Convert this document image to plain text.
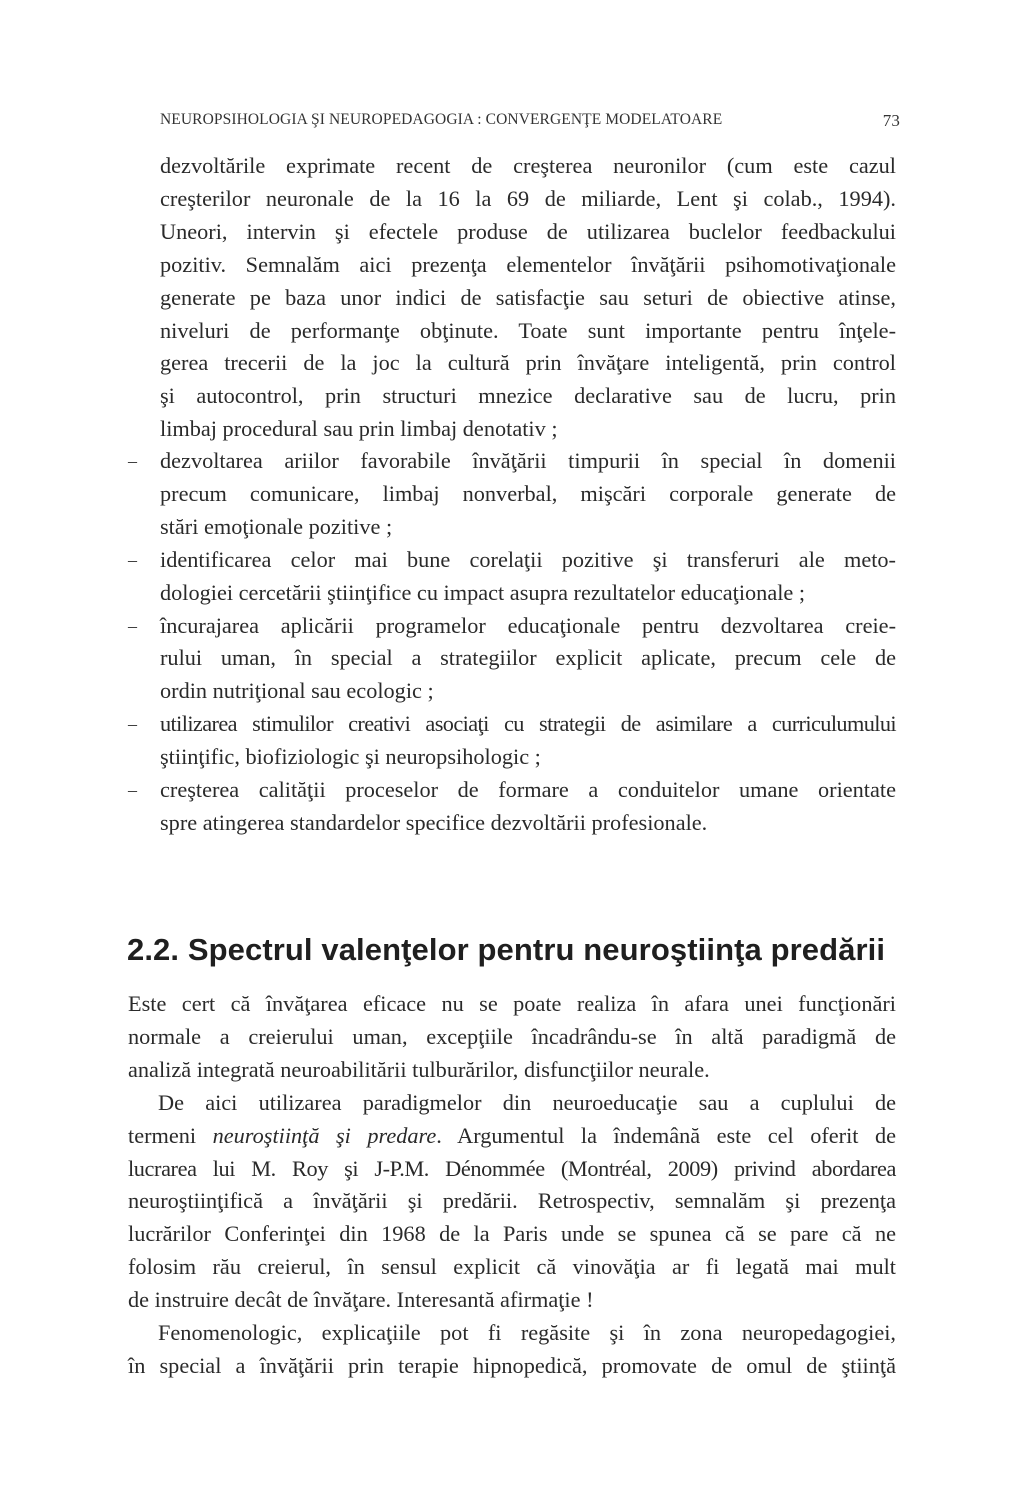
NEUROPSIHOLOGIA ŞI NEUROPEDAGOGIA : CONVERGENŢE MODELATOARE	73
dezvoltările exprimate recent de creşterea neuronilor (cum este cazul
creşterilor neuronale de la 16 la 69 de miliarde, Lent şi colab., 1994).
Uneori, intervin şi efectele produse de utilizarea buclelor feedbackului
pozitiv. Semnalăm aici prezenţa elementelor învăţării psihomotivaţionale
generate pe baza unor indici de satisfacţie sau seturi de obiective atinse,
niveluri de performanţe obţinute. Toate sunt importante pentru înţele-
gerea trecerii de la joc la cultură prin învăţare inteligentă, prin control
şi autocontrol, prin structuri mnezice declarative sau de lucru, prin
limbaj procedural sau prin limbaj denotativ ;
–	dezvoltarea ariilor favorabile învăţării timpurii în special în domenii
precum comunicare, limbaj nonverbal, mişcări corporale generate de
stări emoţionale pozitive ;
–	identificarea celor mai bune corelaţii pozitive şi transferuri ale meto-
dologiei cercetării ştiinţifice cu impact asupra rezultatelor educaţionale ;
–	încurajarea aplicării programelor educaţionale pentru dezvoltarea creie-
rului uman, în special a strategiilor explicit aplicate, precum cele de
ordin nutriţional sau ecologic ;
–	utilizarea stimulilor creativi asociaţi cu strategii de asimilare a curriculumului
ştiinţific, biofiziologic şi neuropsihologic ;
–	creşterea calităţii proceselor de formare a conduitelor umane orientate
spre atingerea standardelor specifice dezvoltării profesionale.
2.2. Spectrul valenţelor pentru neuroştiinţa predării
Este cert că învăţarea eficace nu se poate realiza în afara unei funcţionări
normale a creierului uman, excepţiile încadrându-se în altă paradigmă de
analiză integrată neuroabilitării tulburărilor, disfuncţiilor neurale.
De aici utilizarea paradigmelor din neuroeducaţie sau a cuplului de
termeni neuroştiinţă şi predare. Argumentul la îndemână este cel oferit de
lucrarea lui M. Roy şi J-P.M. Dénommée (Montréal, 2009) privind abordarea
neuroştiinţifică a învăţării şi predării. Retrospectiv, semnalăm şi prezenţa
lucrărilor Conferinţei din 1968 de la Paris unde se spunea că se pare că ne
folosim rău creierul, în sensul explicit că vinovăţia ar fi legată mai mult
de instruire decât de învăţare. Interesantă afirmaţie !
Fenomenologic, explicaţiile pot fi regăsite şi în zona neuropedagogiei,
în special a învăţării prin terapie hipnopedică, promovate de omul de ştiinţă
